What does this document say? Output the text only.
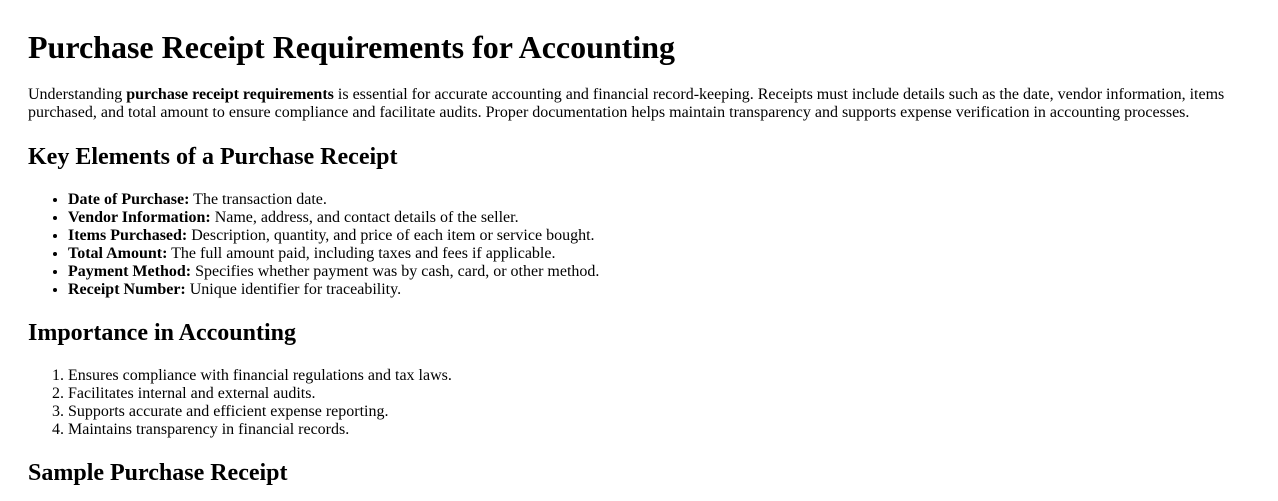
Purchase Receipt Requirements for Accounting

Understanding purchase receipt requirements is essential for accurate accounting and financial record-keeping. Receipts must include details such as the date, vendor information, items purchased, and total amount to ensure compliance and facilitate audits. Proper documentation helps maintain transparency and supports expense verification in accounting processes.

Key Elements of a Purchase Receipt
• Date of Purchase: The transaction date.
• Vendor Information: Name, address, and contact details of the seller.
• Items Purchased: Description, quantity, and price of each item or service bought.
• Total Amount: The full amount paid, including taxes and fees if applicable.
• Payment Method: Specifies whether payment was by cash, card, or other method.
• Receipt Number: Unique identifier for traceability.
Importance in Accounting
1. Ensures compliance with financial regulations and tax laws.
2. Facilitates internal and external audits.
3. Supports accurate and efficient expense reporting.
4. Maintains transparency in financial records.
Sample Purchase Receipt
